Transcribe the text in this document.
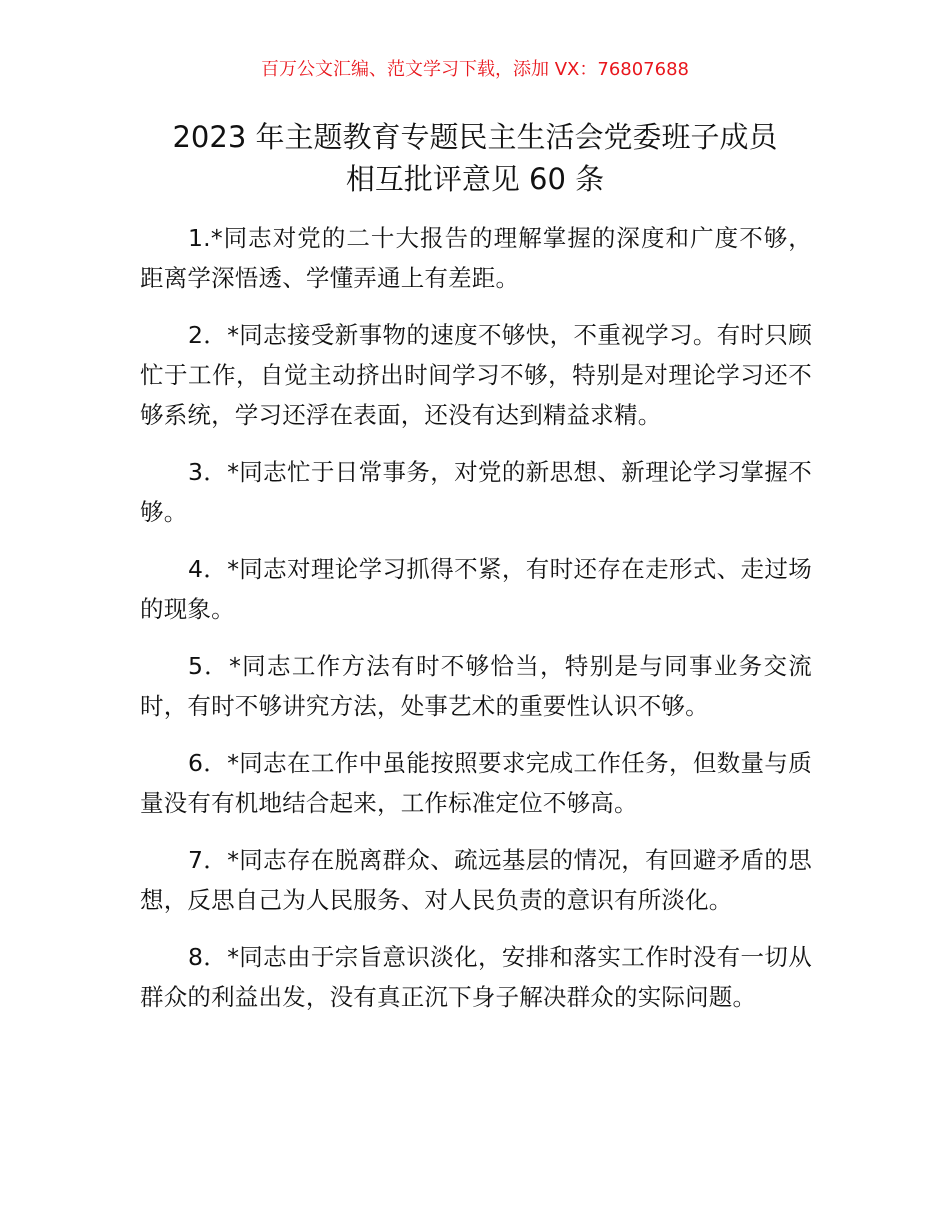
百万公文汇编、范文学习下载，添加 VX：76807688
2023 年主题教育专题民主生活会党委班子成员
相互批评意见 60 条

1.*同志对党的二十大报告的理解掌握的深度和广度不够，距离学深悟透、学懂弄通上有差距。

2．*同志接受新事物的速度不够快，不重视学习。有时只顾忙于工作，自觉主动挤出时间学习不够，特别是对理论学习还不够系统，学习还浮在表面，还没有达到精益求精。

3．*同志忙于日常事务，对党的新思想、新理论学习掌握不够。

4．*同志对理论学习抓得不紧，有时还存在走形式、走过场的现象。

5．*同志工作方法有时不够恰当，特别是与同事业务交流时，有时不够讲究方法，处事艺术的重要性认识不够。

6．*同志在工作中虽能按照要求完成工作任务，但数量与质量没有有机地结合起来，工作标准定位不够高。

7．*同志存在脱离群众、疏远基层的情况，有回避矛盾的思想，反思自己为人民服务、对人民负责的意识有所淡化。

8．*同志由于宗旨意识淡化，安排和落实工作时没有一切从群众的利益出发，没有真正沉下身子解决群众的实际问题。
